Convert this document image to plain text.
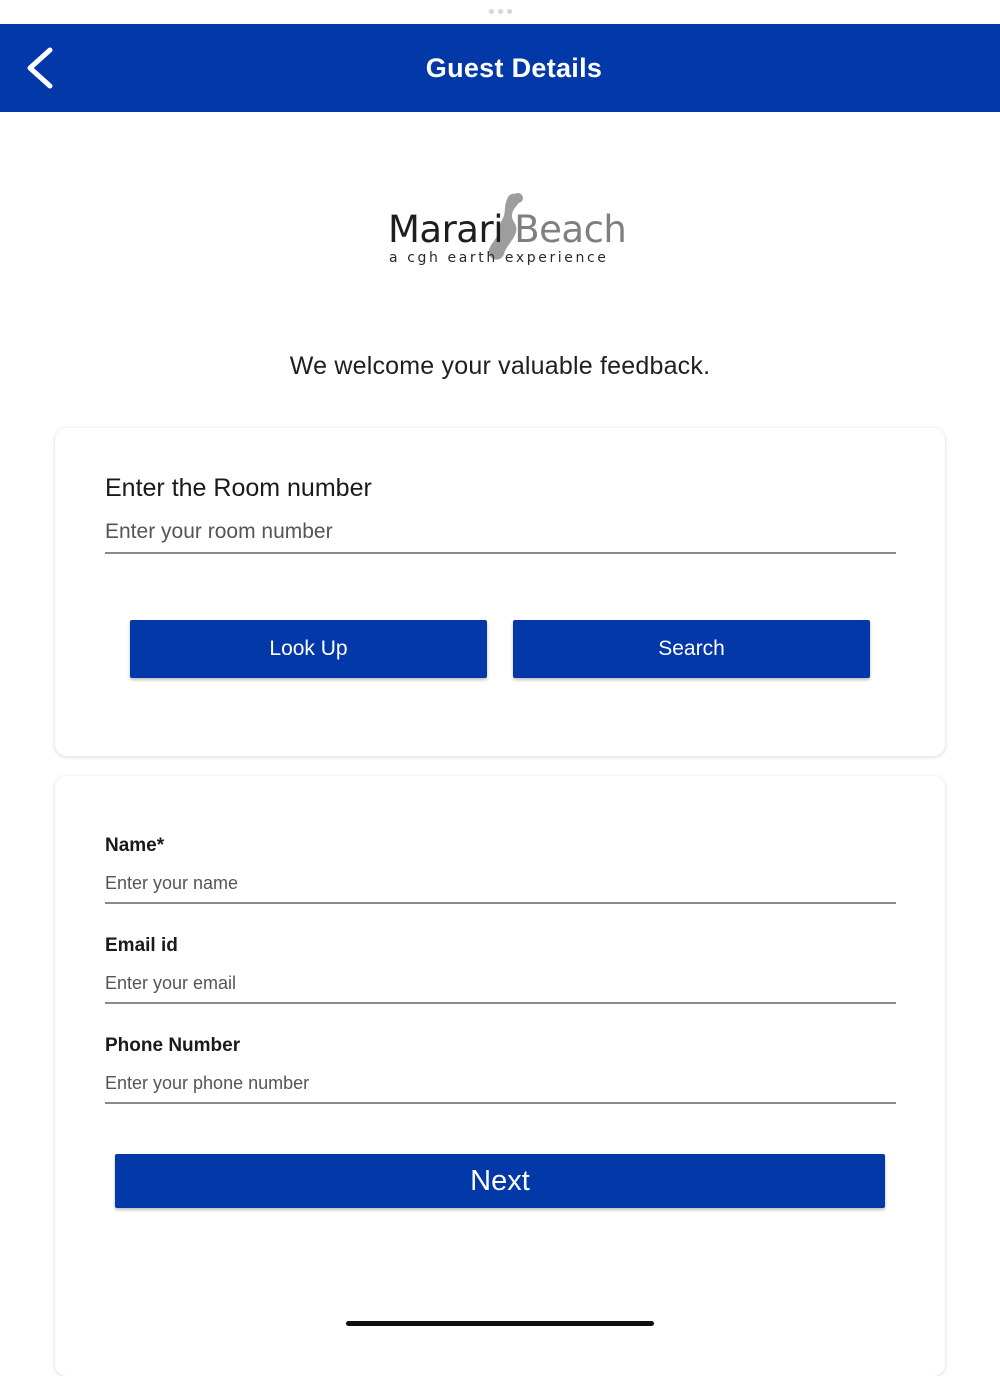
Guest Details
Marari Beach
a cgh earth experience
We welcome your valuable feedback.
Enter the Room number
Enter your room number
Look Up	Search
Name*
Enter your name
Email id
Enter your email
Phone Number
Enter your phone number
Next
